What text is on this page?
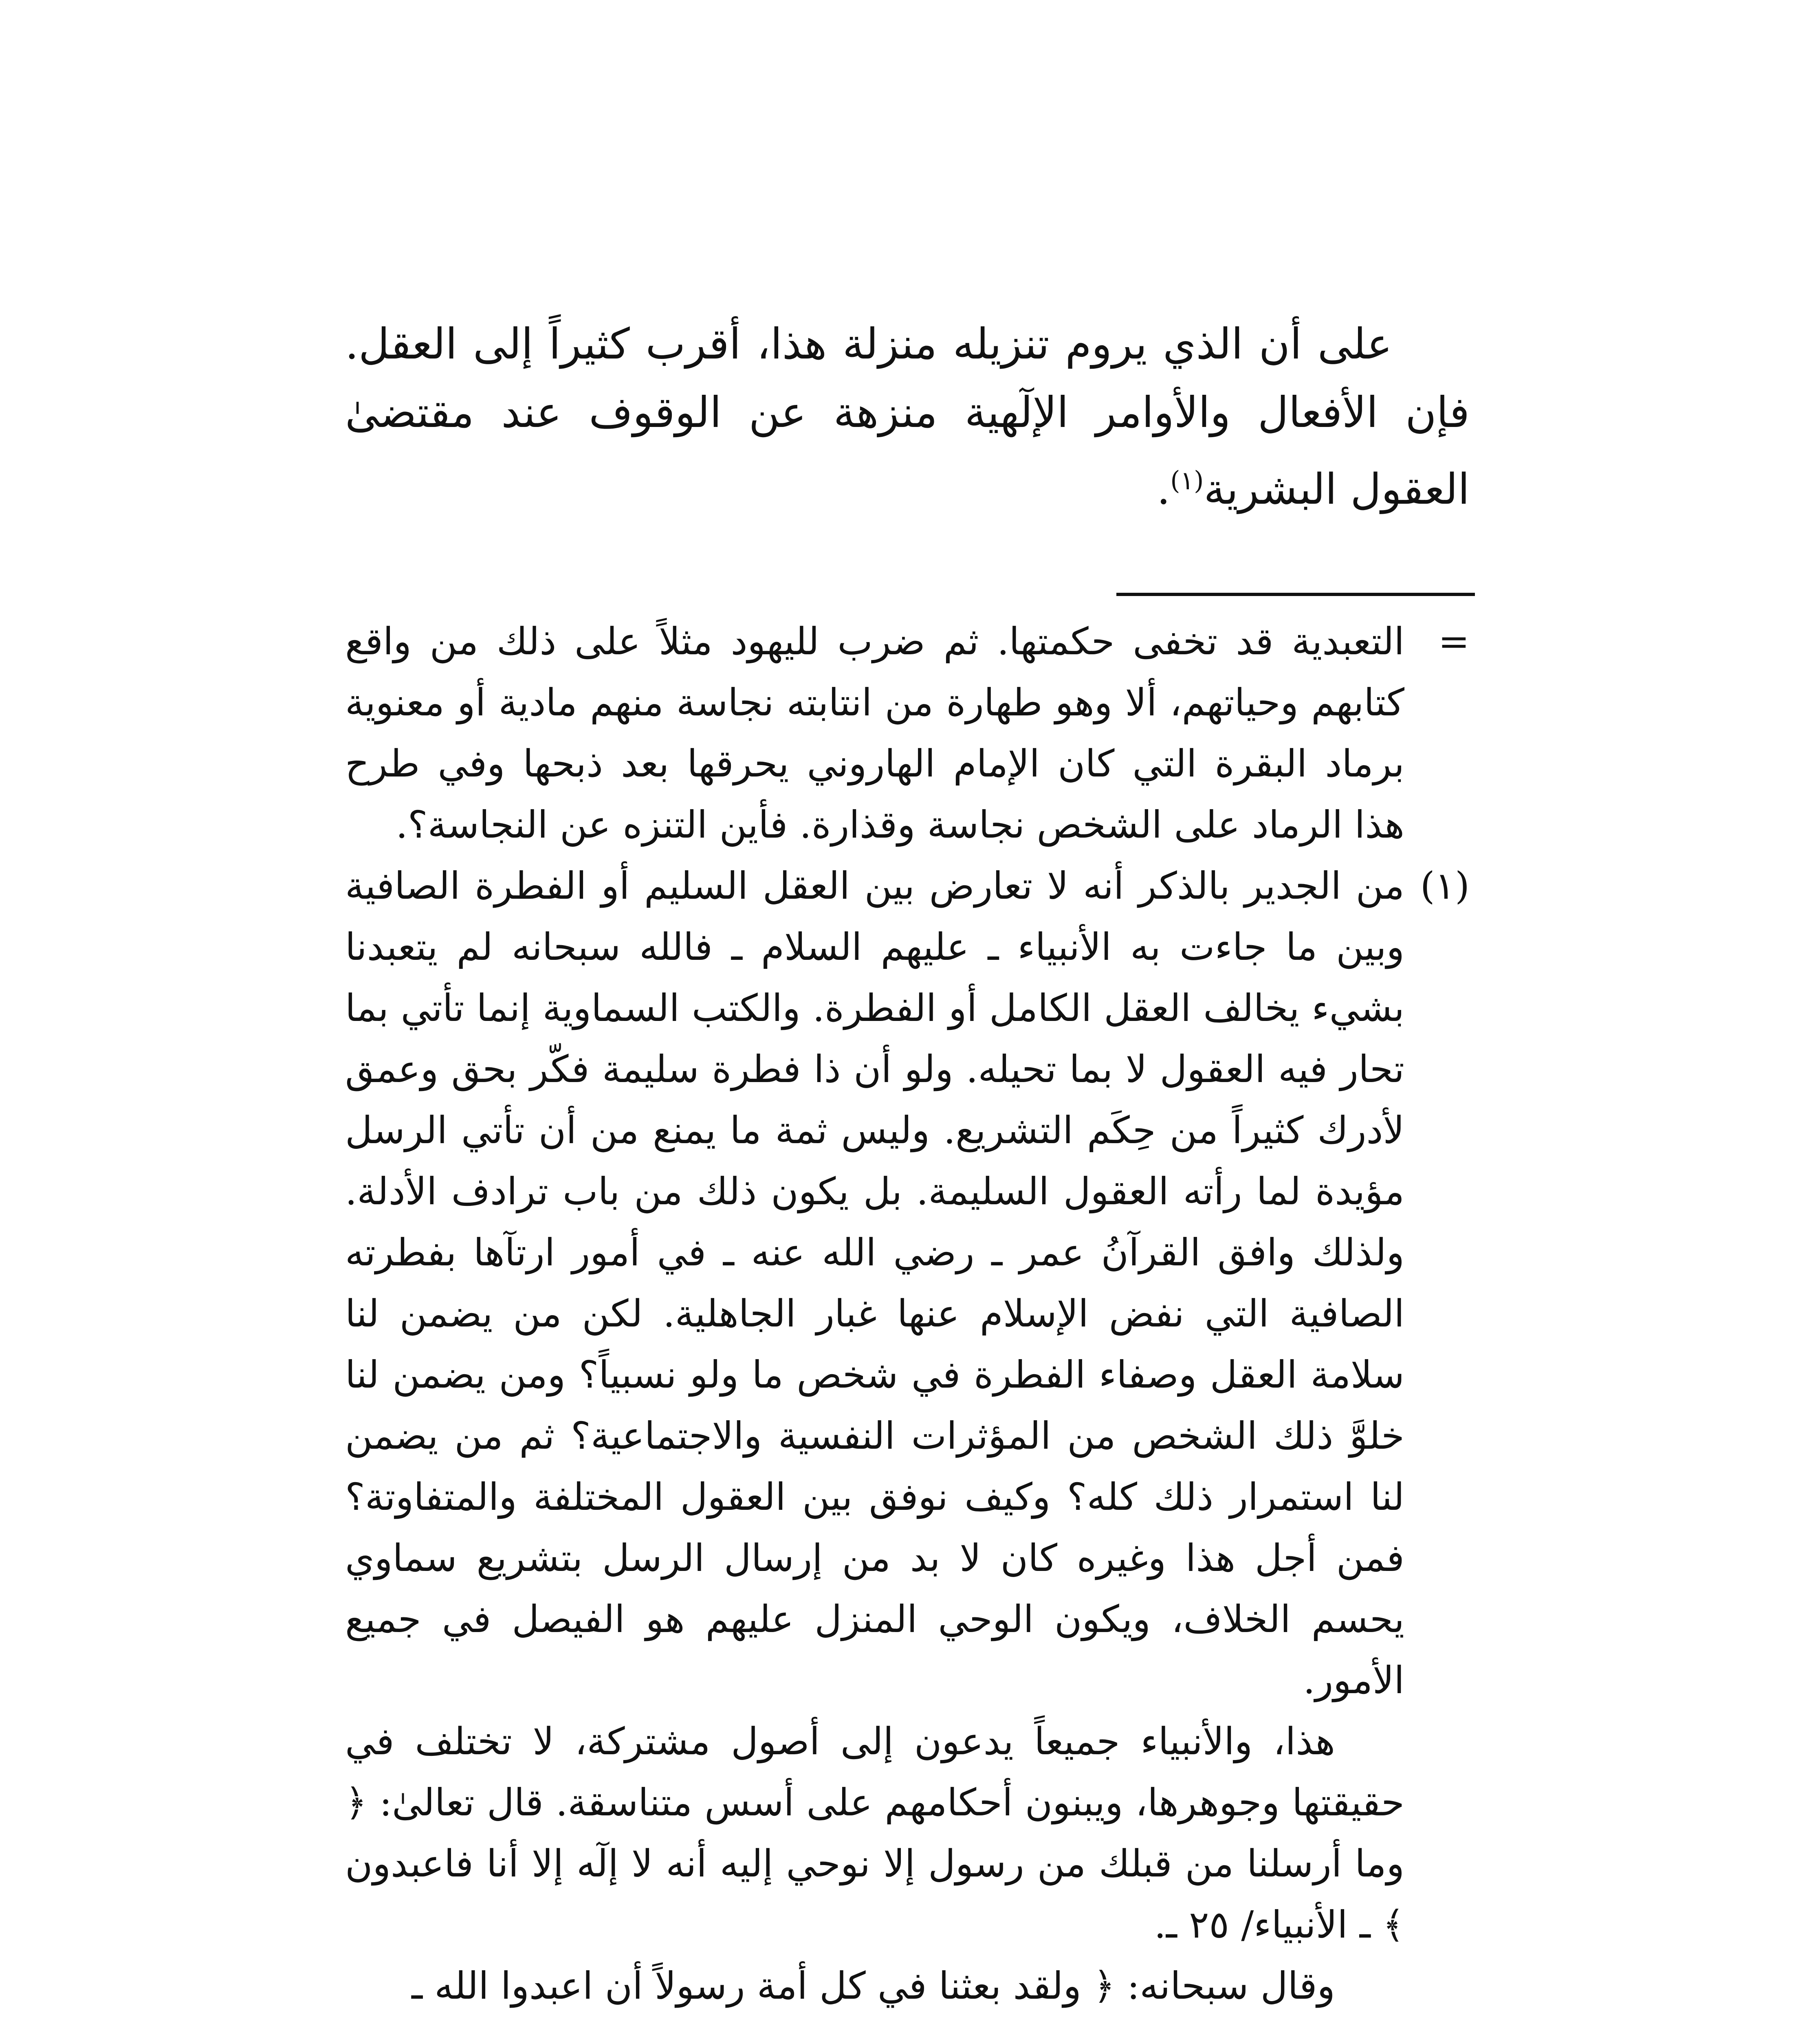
على أن الذي يروم تنزيله منزلة هذا، أقرب كثيراً إلى العقل. فإن الأفعال والأوامر الإلٓهية منزهة عن الوقوف عند مقتضىٰ العقول البشرية$^{(١)}$.

=

التعبدية قد تخفى حكمتها. ثم ضرب لليهود مثلاً على ذلك من واقع كتابهم وحياتهم، ألا وهو طهارة من انتابته نجاسة منهم مادية أو معنوية برماد البقرة التي كان الإمام الهاروني يحرقها بعد ذبحها وفي طرح هذا الرماد على الشخص نجاسة وقذارة. فأين التنزه عن النجاسة؟.

(١)

من الجدير بالذكر أنه لا تعارض بين العقل السليم أو الفطرة الصافية وبين ما جاءت به الأنبياء ـ عليهم السلام ـ فالله سبحانه لم يتعبدنا بشيء يخالف العقل الكامل أو الفطرة. والكتب السماوية إنما تأتي بما تحار فيه العقول لا بما تحيله. ولو أن ذا فطرة سليمة فكّر بحق وعمق لأدرك كثيراً من حِكَم التشريع. وليس ثمة ما يمنع من أن تأتي الرسل مؤيدة لما رأته العقول السليمة. بل يكون ذلك من باب ترادف الأدلة. ولذلك وافق القرآنُ عمر ـ رضي الله عنه ـ في أمور ارتآها بفطرته الصافية التي نفض الإسلام عنها غبار الجاهلية. لكن من يضمن لنا سلامة العقل وصفاء الفطرة في شخص ما ولو نسبياً؟ ومن يضمن لنا خلوَّ ذلك الشخص من المؤثرات النفسية والاجتماعية؟ ثم من يضمن لنا استمرار ذلك كله؟ وكيف نوفق بين العقول المختلفة والمتفاوتة؟ فمن أجل هذا وغيره كان لا بد من إرسال الرسل بتشريع سماوي يحسم الخلاف، ويكون الوحي المنزل عليهم هو الفيصل في جميع الأمور.

هذا، والأنبياء جميعاً يدعون إلى أصول مشتركة، لا تختلف في حقيقتها وجوهرها، ويبنون أحكامهم على أسس متناسقة. قال تعالىٰ: ﴿ وما أرسلنا من قبلك من رسول إلا نوحي إليه أنه لا إلٓه إلا أنا فاعبدون ﴾ ـ الأنبياء/ ٢٥ ـ.

وقال سبحانه: ﴿ ولقد بعثنا في كل أمة رسولاً أن اعبدوا الله ـ
